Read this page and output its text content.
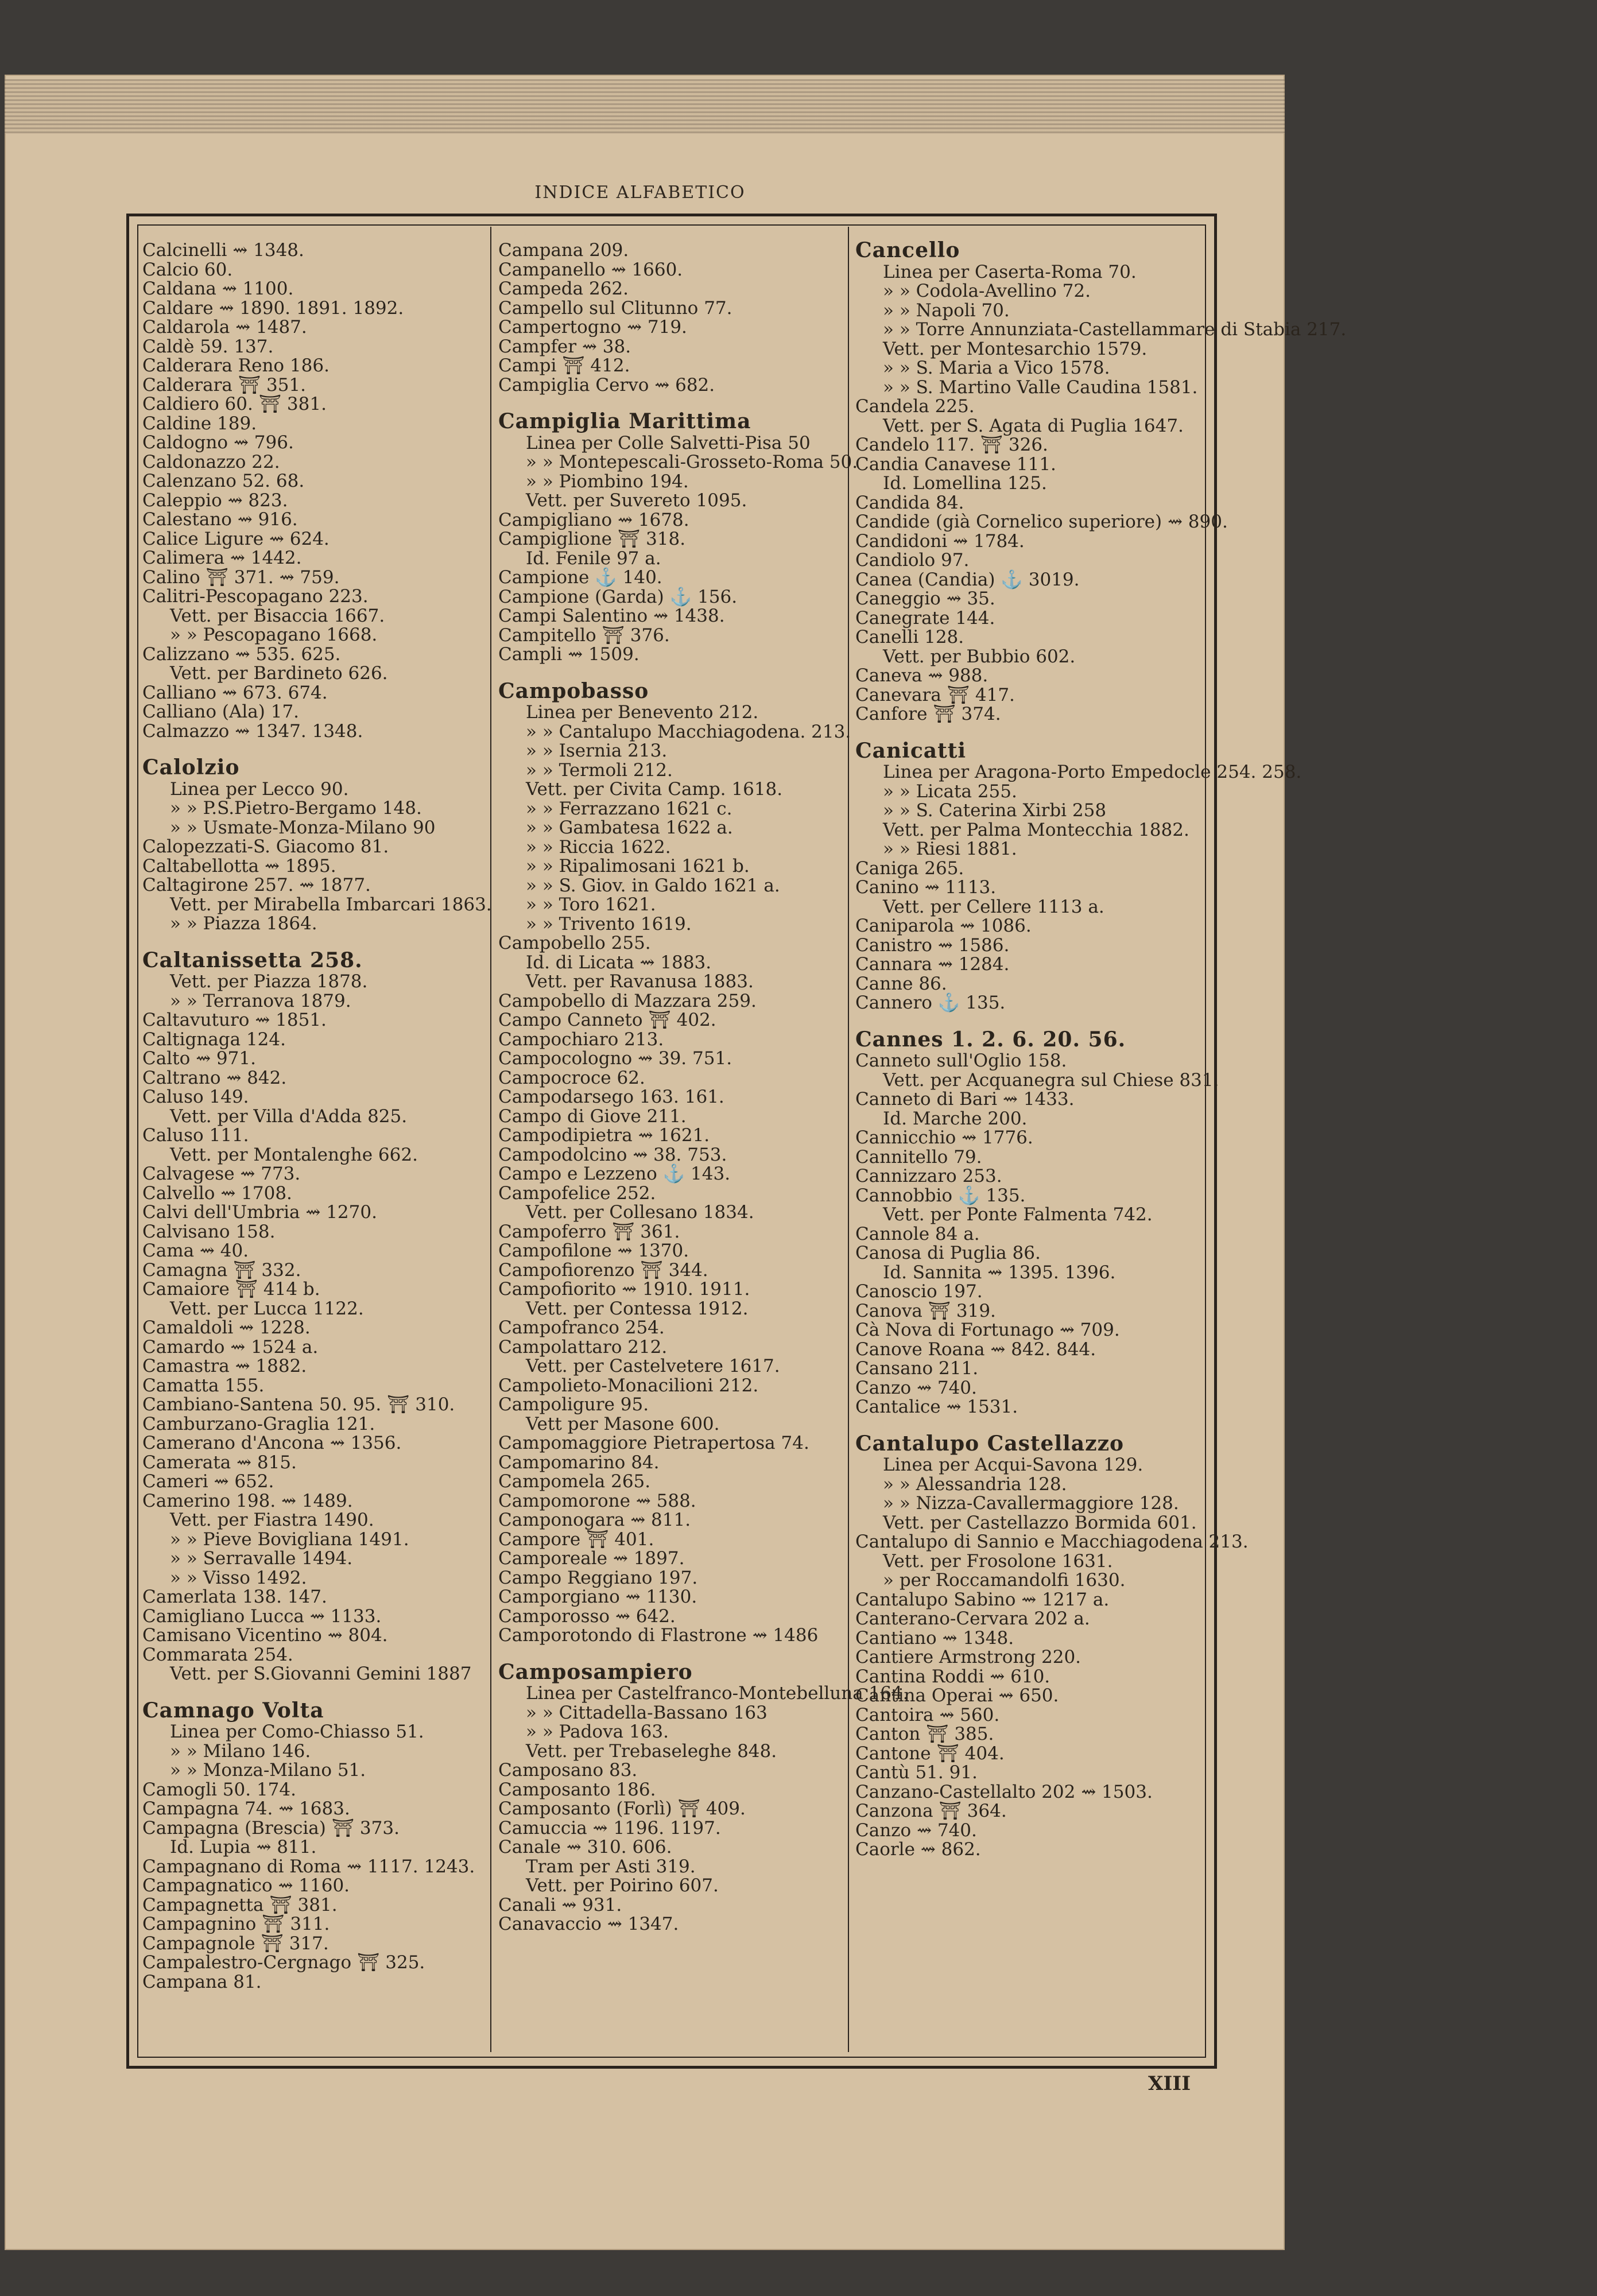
INDICE ALFABETICO
Calcinelli ⇝ 1348.
Calcio 60.
Caldana ⇝ 1100.
Caldare ⇝ 1890. 1891. 1892.
Caldarola ⇝ 1487.
Caldè 59. 137.
Calderara Reno 186.
Calderara ⛩ 351.
Caldiero 60. ⛩ 381.
Caldine 189.
Caldogno ⇝ 796.
Caldonazzo 22.
Calenzano 52. 68.
Caleppio ⇝ 823.
Calestano ⇝ 916.
Calice Ligure ⇝ 624.
Calimera ⇝ 1442.
Calino ⛩ 371. ⇝ 759.
Calitri-Pescopagano 223.
Vett. per Bisaccia 1667.
» » Pescopagano 1668.
Calizzano ⇝ 535. 625.
Vett. per Bardineto 626.
Calliano ⇝ 673. 674.
Calliano (Ala) 17.
Calmazzo ⇝ 1347. 1348.
Calolzio
Linea per Lecco 90.
» » P.S.Pietro-Bergamo 148.
» » Usmate-Monza-Milano 90
Calopezzati-S. Giacomo 81.
Caltabellotta ⇝ 1895.
Caltagirone 257. ⇝ 1877.
Vett. per Mirabella Imbarcari 1863.
» » Piazza 1864.
Caltanissetta 258.
Vett. per Piazza 1878.
» » Terranova 1879.
Caltavuturo ⇝ 1851.
Caltignaga 124.
Calto ⇝ 971.
Caltrano ⇝ 842.
Caluso 149.
Vett. per Villa d'Adda 825.
Caluso 111.
Vett. per Montalenghe 662.
Calvagese ⇝ 773.
Calvello ⇝ 1708.
Calvi dell'Umbria ⇝ 1270.
Calvisano 158.
Cama ⇝ 40.
Camagna ⛩ 332.
Camaiore ⛩ 414 b.
Vett. per Lucca 1122.
Camaldoli ⇝ 1228.
Camardo ⇝ 1524 a.
Camastra ⇝ 1882.
Camatta 155.
Cambiano-Santena 50. 95. ⛩ 310.
Camburzano-Graglia 121.
Camerano d'Ancona ⇝ 1356.
Camerata ⇝ 815.
Cameri ⇝ 652.
Camerino 198. ⇝ 1489.
Vett. per Fiastra 1490.
» » Pieve Bovigliana 1491.
» » Serravalle 1494.
» » Visso 1492.
Camerlata 138. 147.
Camigliano Lucca ⇝ 1133.
Camisano Vicentino ⇝ 804.
Commarata 254.
Vett. per S.Giovanni Gemini 1887
Camnago Volta
Linea per Como-Chiasso 51.
» » Milano 146.
» » Monza-Milano 51.
Camogli 50. 174.
Campagna 74. ⇝ 1683.
Campagna (Brescia) ⛩ 373.
Id. Lupia ⇝ 811.
Campagnano di Roma ⇝ 1117. 1243.
Campagnatico ⇝ 1160.
Campagnetta ⛩ 381.
Campagnino ⛩ 311.
Campagnole ⛩ 317.
Campalestro-Cergnago ⛩ 325.
Campana 81.
Campana 209.
Campanello ⇝ 1660.
Campeda 262.
Campello sul Clitunno 77.
Campertogno ⇝ 719.
Campfer ⇝ 38.
Campi ⛩ 412.
Campiglia Cervo ⇝ 682.
Campiglia Marittima
Linea per Colle Salvetti-Pisa 50
» » Montepescali-Grosseto-Roma 50.
» » Piombino 194.
Vett. per Suvereto 1095.
Campigliano ⇝ 1678.
Campiglione ⛩ 318.
Id. Fenile 97 a.
Campione ⚓ 140.
Campione (Garda) ⚓ 156.
Campi Salentino ⇝ 1438.
Campitello ⛩ 376.
Campli ⇝ 1509.
Campobasso
Linea per Benevento 212.
» » Cantalupo Macchiagodena. 213.
» » Isernia 213.
» » Termoli 212.
Vett. per Civita Camp. 1618.
» » Ferrazzano 1621 c.
» » Gambatesa 1622 a.
» » Riccia 1622.
» » Ripalimosani 1621 b.
» » S. Giov. in Galdo 1621 a.
» » Toro 1621.
» » Trivento 1619.
Campobello 255.
Id. di Licata ⇝ 1883.
Vett. per Ravanusa 1883.
Campobello di Mazzara 259.
Campo Canneto ⛩ 402.
Campochiaro 213.
Campocologno ⇝ 39. 751.
Campocroce 62.
Campodarsego 163. 161.
Campo di Giove 211.
Campodipietra ⇝ 1621.
Campodolcino ⇝ 38. 753.
Campo e Lezzeno ⚓ 143.
Campofelice 252.
Vett. per Collesano 1834.
Campoferro ⛩ 361.
Campofilone ⇝ 1370.
Campofiorenzo ⛩ 344.
Campofiorito ⇝ 1910. 1911.
Vett. per Contessa 1912.
Campofranco 254.
Campolattaro 212.
Vett. per Castelvetere 1617.
Campolieto-Monacilioni 212.
Campoligure 95.
Vett per Masone 600.
Campomaggiore Pietrapertosa 74.
Campomarino 84.
Campomela 265.
Campomorone ⇝ 588.
Camponogara ⇝ 811.
Campore ⛩ 401.
Camporeale ⇝ 1897.
Campo Reggiano 197.
Camporgiano ⇝ 1130.
Camporosso ⇝ 642.
Camporotondo di Flastrone ⇝ 1486
Camposampiero
Linea per Castelfranco-Montebelluna 164.
» » Cittadella-Bassano 163
» » Padova 163.
Vett. per Trebaseleghe 848.
Camposano 83.
Camposanto 186.
Camposanto (Forlì) ⛩ 409.
Camuccia ⇝ 1196. 1197.
Canale ⇝ 310. 606.
Tram per Asti 319.
Vett. per Poirino 607.
Canali ⇝ 931.
Canavaccio ⇝ 1347.
Cancello
Linea per Caserta-Roma 70.
» » Codola-Avellino 72.
» » Napoli 70.
» » Torre Annunziata-Castellammare di Stabia 217.
Vett. per Montesarchio 1579.
» » S. Maria a Vico 1578.
» » S. Martino Valle Caudina 1581.
Candela 225.
Vett. per S. Agata di Puglia 1647.
Candelo 117. ⛩ 326.
Candia Canavese 111.
Id. Lomellina 125.
Candida 84.
Candide (già Cornelico superiore) ⇝ 890.
Candidoni ⇝ 1784.
Candiolo 97.
Canea (Candia) ⚓ 3019.
Caneggio ⇝ 35.
Canegrate 144.
Canelli 128.
Vett. per Bubbio 602.
Caneva ⇝ 988.
Canevara ⛩ 417.
Canfore ⛩ 374.
Canicatti
Linea per Aragona-Porto Empedocle 254. 258.
» » Licata 255.
» » S. Caterina Xirbi 258
Vett. per Palma Montecchia 1882.
» » Riesi 1881.
Caniga 265.
Canino ⇝ 1113.
Vett. per Cellere 1113 a.
Caniparola ⇝ 1086.
Canistro ⇝ 1586.
Cannara ⇝ 1284.
Canne 86.
Cannero ⚓ 135.
Cannes 1. 2. 6. 20. 56.
Canneto sull'Oglio 158.
Vett. per Acquanegra sul Chiese 831.
Canneto di Bari ⇝ 1433.
Id. Marche 200.
Cannicchio ⇝ 1776.
Cannitello 79.
Cannizzaro 253.
Cannobbio ⚓ 135.
Vett. per Ponte Falmenta 742.
Cannole 84 a.
Canosa di Puglia 86.
Id. Sannita ⇝ 1395. 1396.
Canoscio 197.
Canova ⛩ 319.
Cà Nova di Fortunago ⇝ 709.
Canove Roana ⇝ 842. 844.
Cansano 211.
Canzo ⇝ 740.
Cantalice ⇝ 1531.
Cantalupo Castellazzo
Linea per Acqui-Savona 129.
» » Alessandria 128.
» » Nizza-Cavallermaggiore 128.
Vett. per Castellazzo Bormida 601.
Cantalupo di Sannio e Macchiagodena 213.
Vett. per Frosolone 1631.
» per Roccamandolfi 1630.
Cantalupo Sabino ⇝ 1217 a.
Canterano-Cervara 202 a.
Cantiano ⇝ 1348.
Cantiere Armstrong 220.
Cantina Roddi ⇝ 610.
Cantina Operai ⇝ 650.
Cantoira ⇝ 560.
Canton ⛩ 385.
Cantone ⛩ 404.
Cantù 51. 91.
Canzano-Castellalto 202 ⇝ 1503.
Canzona ⛩ 364.
Canzo ⇝ 740.
Caorle ⇝ 862.
XIII
